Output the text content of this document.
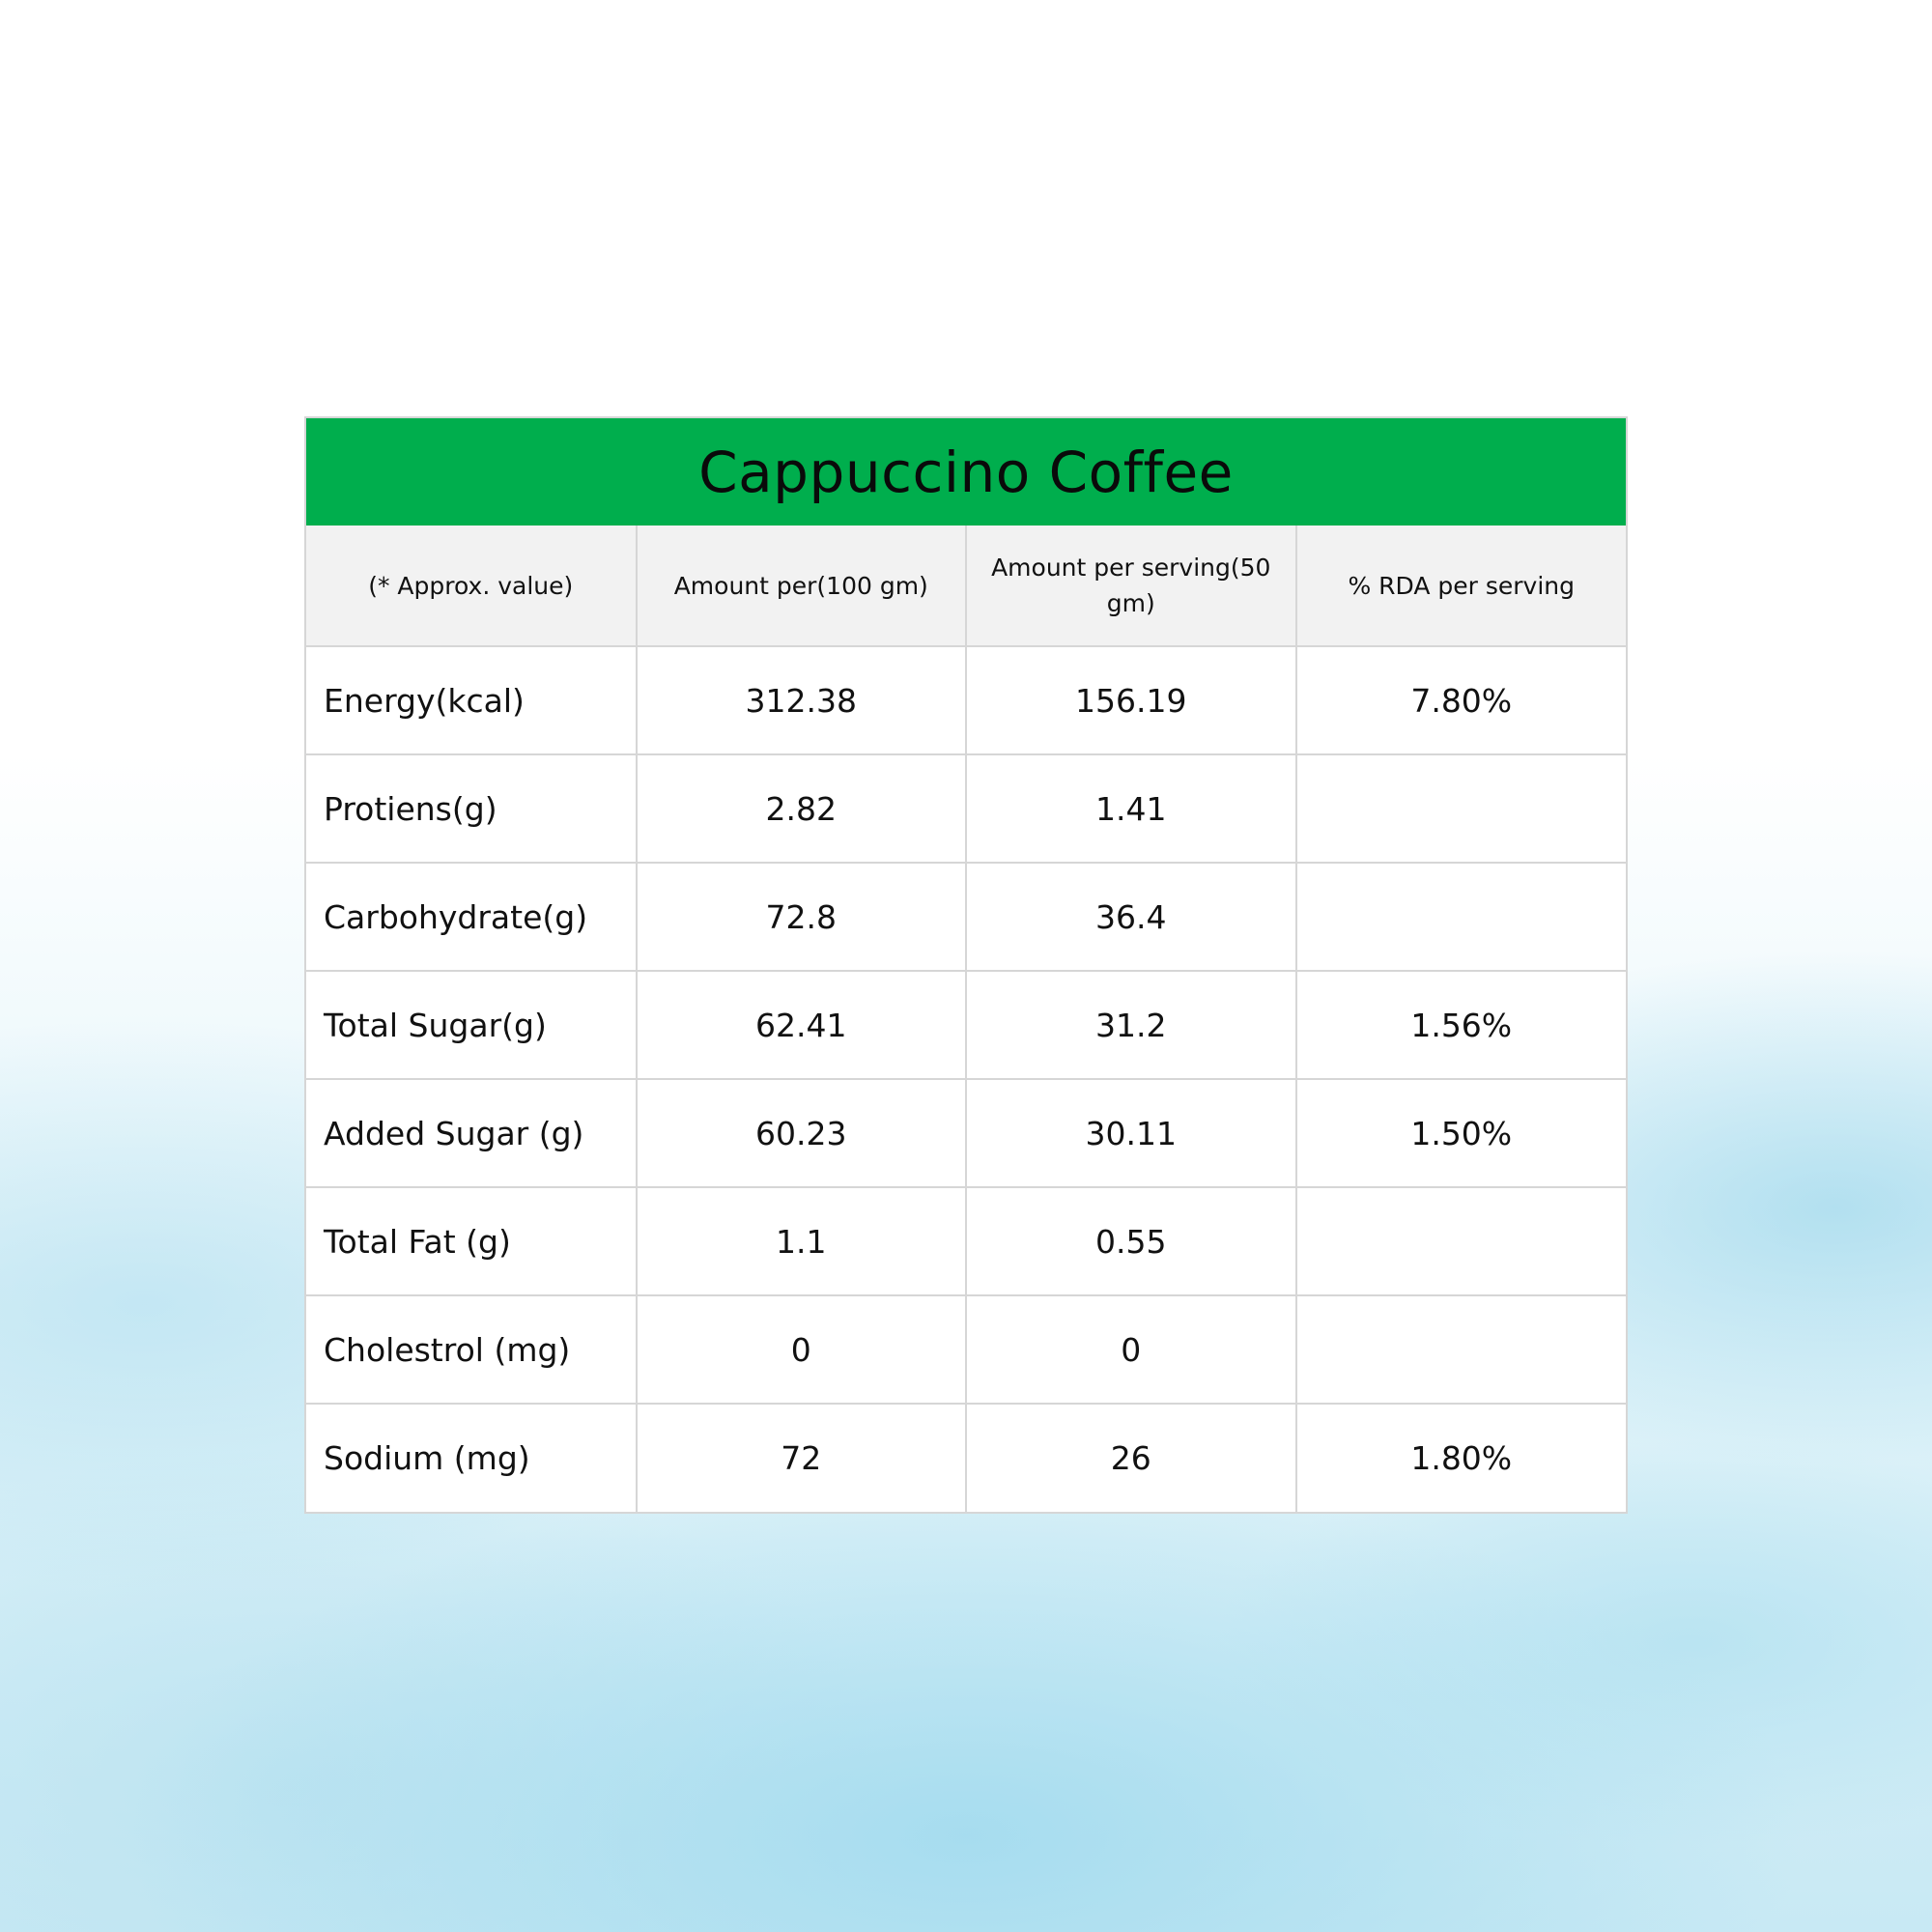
Cappuccino Coffee
(* Approx. value)	Amount per(100 gm)	Amount per serving(50 gm)	% RDA per serving
Energy(kcal)	312.38	156.19	7.80%
Protiens(g)	2.82	1.41	
Carbohydrate(g)	72.8	36.4	
Total Sugar(g)	62.41	31.2	1.56%
Added Sugar (g)	60.23	30.11	1.50%
Total Fat (g)	1.1	0.55	
Cholestrol (mg)	0	0	
Sodium (mg)	72	26	1.80%
